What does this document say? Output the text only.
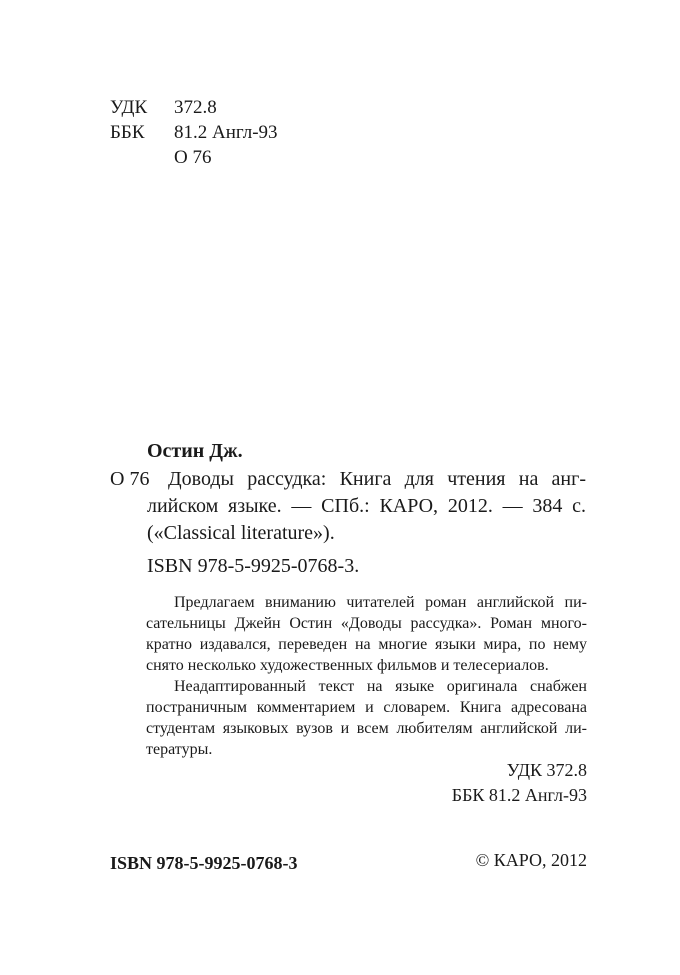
УДК 372.8
ББК 81.2 Англ-93
О 76
Остин Дж.
О 76 Доводы рассудка: Книга для чтения на анг-
лийском языке. — СПб.: КАРО, 2012. — 384 с.
(«Classical literature»).
ISBN 978-5-9925-0768-3.
Предлагаем вниманию читателей роман английской пи-
сательницы Джейн Остин «Доводы рассудка». Роман много-
кратно издавался, переведен на многие языки мира, по нему
снято несколько художественных фильмов и телесериалов.
Неадаптированный текст на языке оригинала снабжен
постраничным комментарием и словарем. Книга адресована
студентам языковых вузов и всем любителям английской ли-
тературы.
УДК 372.8
ББК 81.2 Англ-93
ISBN 978-5-9925-0768-3	© КАРО, 2012
